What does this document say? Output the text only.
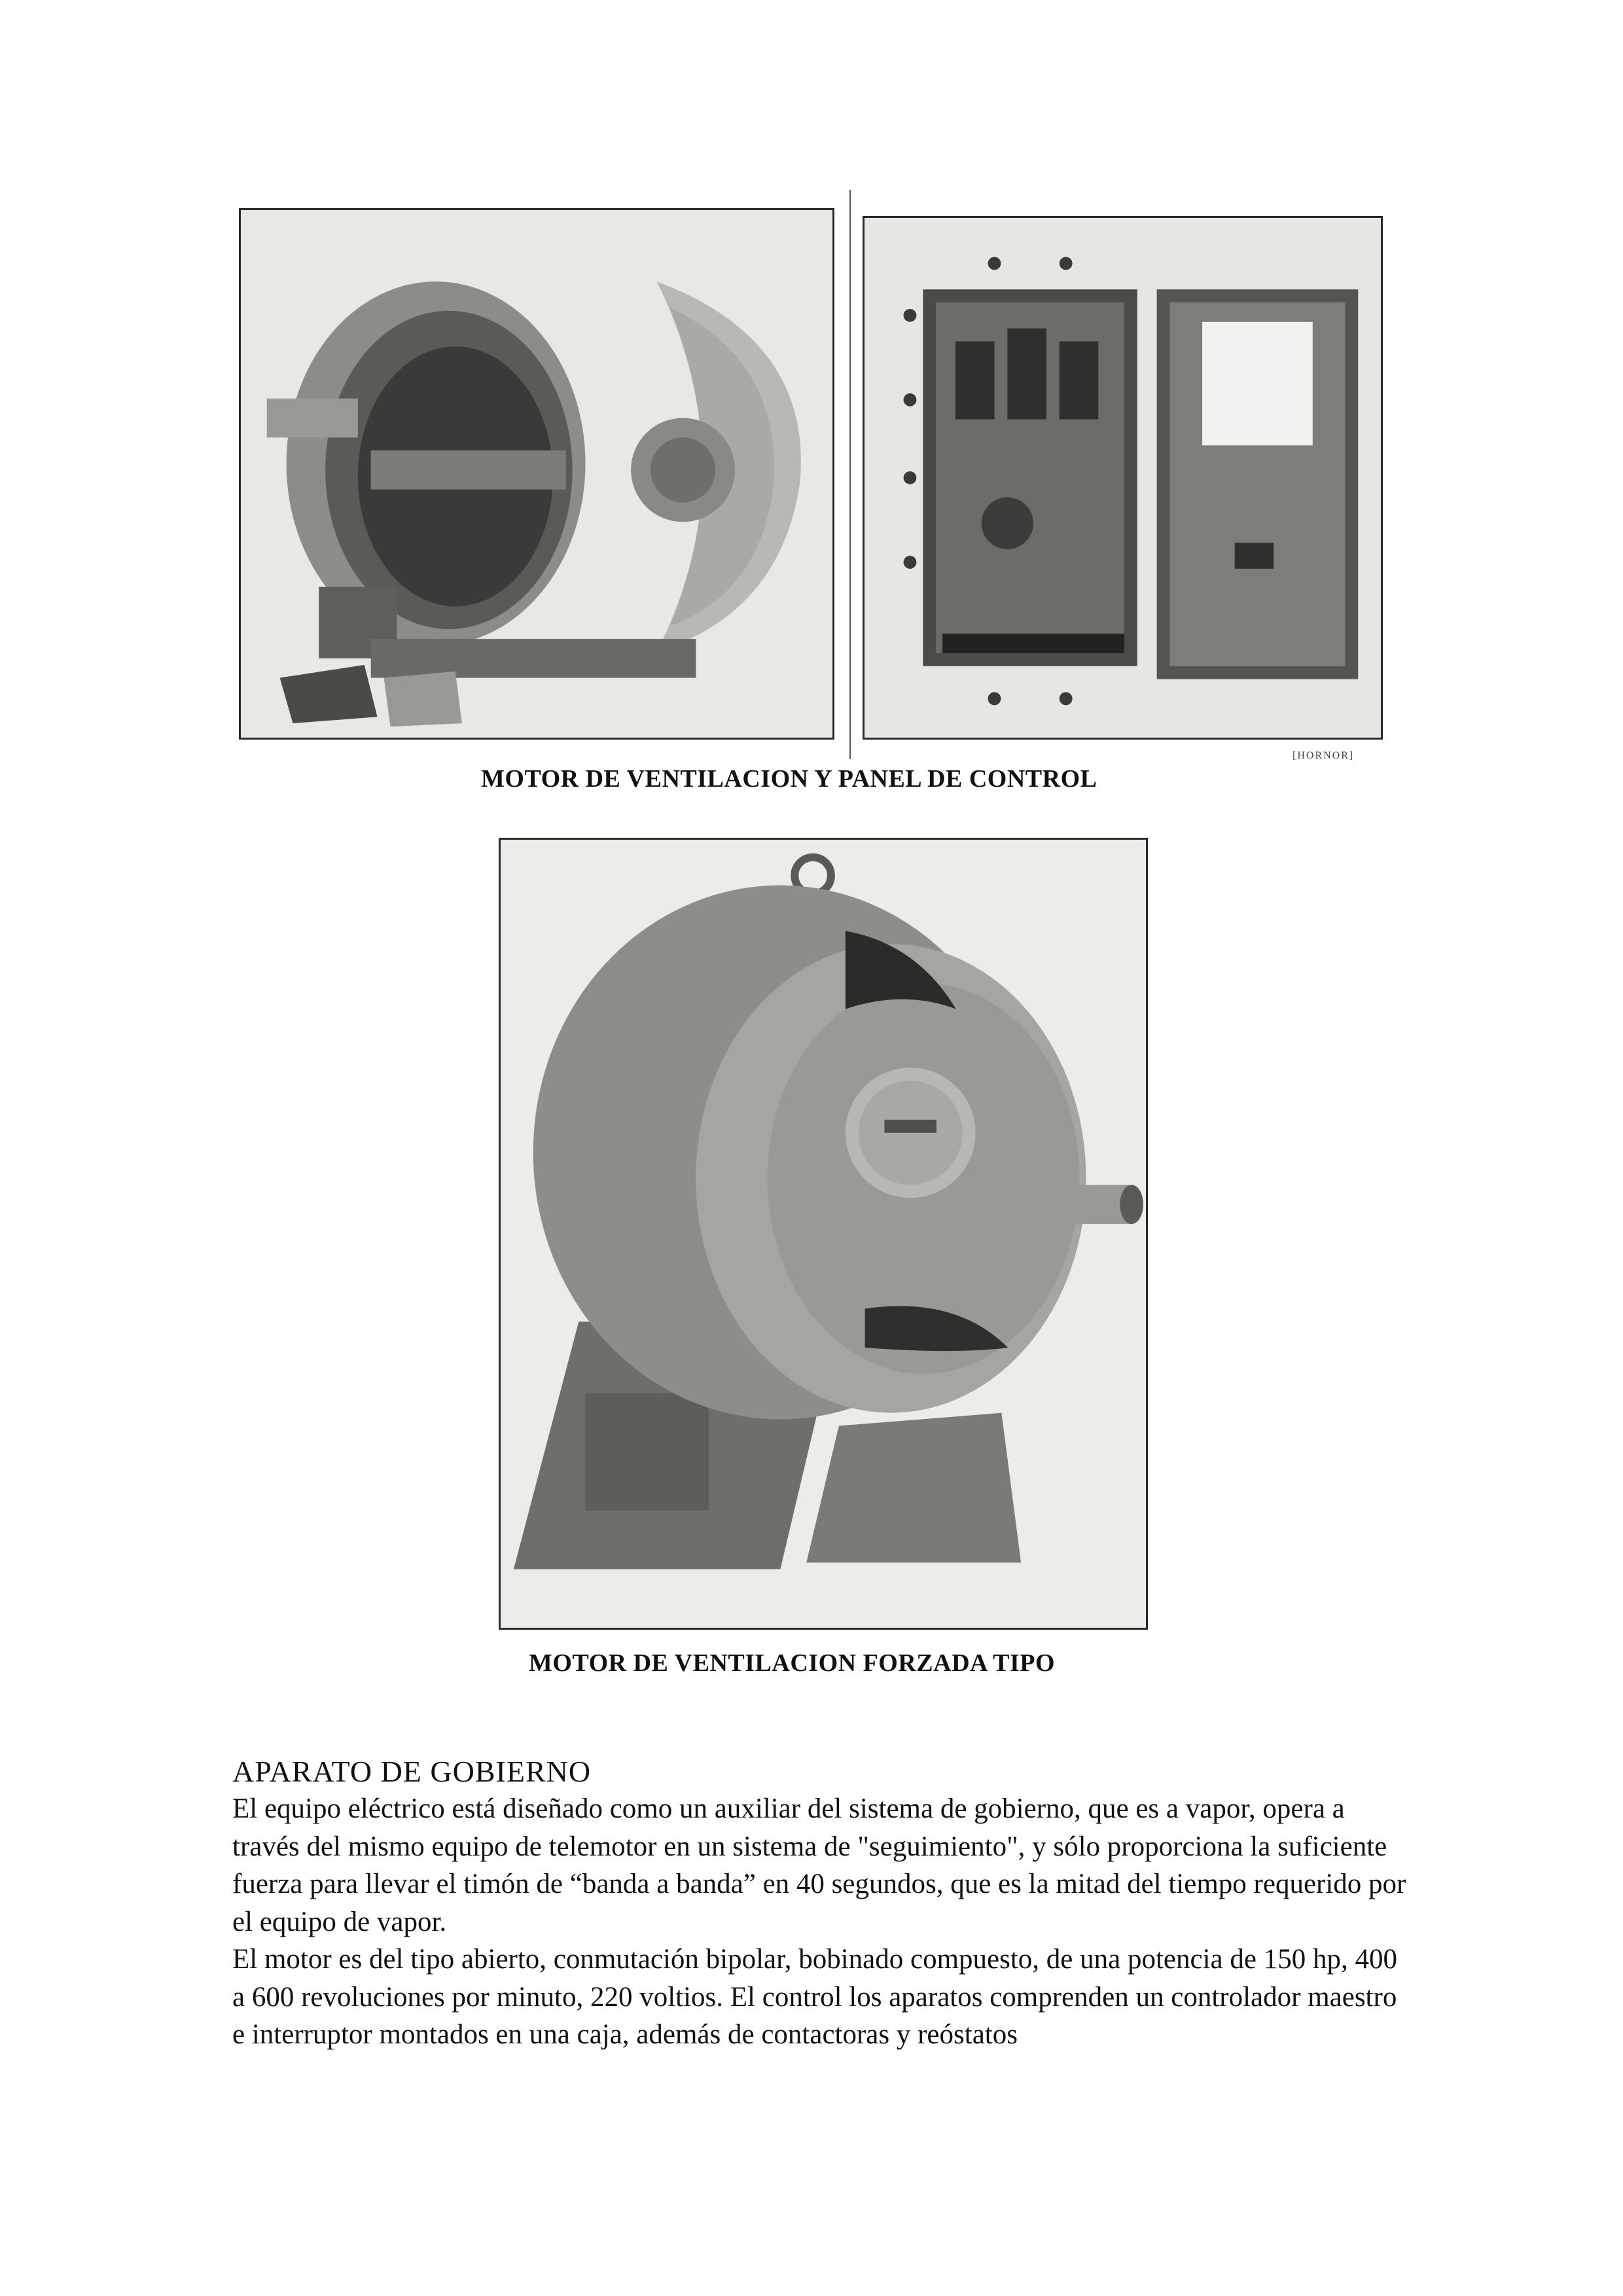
[HORNOR]
MOTOR DE VENTILACION Y PANEL DE CONTROL
MOTOR DE VENTILACION FORZADA TIPO
APARATO DE GOBIERNO
El equipo eléctrico está diseñado como un auxiliar del sistema de gobierno, que es a vapor, opera a través del mismo equipo de telemotor en un sistema de "seguimiento", y sólo proporciona la suficiente fuerza para llevar el timón de “banda a banda” en 40 segundos, que es la mitad del tiempo requerido por el equipo de vapor.
El motor es del tipo abierto, conmutación bipolar, bobinado compuesto, de una potencia de 150 hp, 400 a 600 revoluciones por minuto, 220 voltios. El control los aparatos comprenden un controlador maestro e interruptor montados en una caja, además de contactoras y reóstatos
